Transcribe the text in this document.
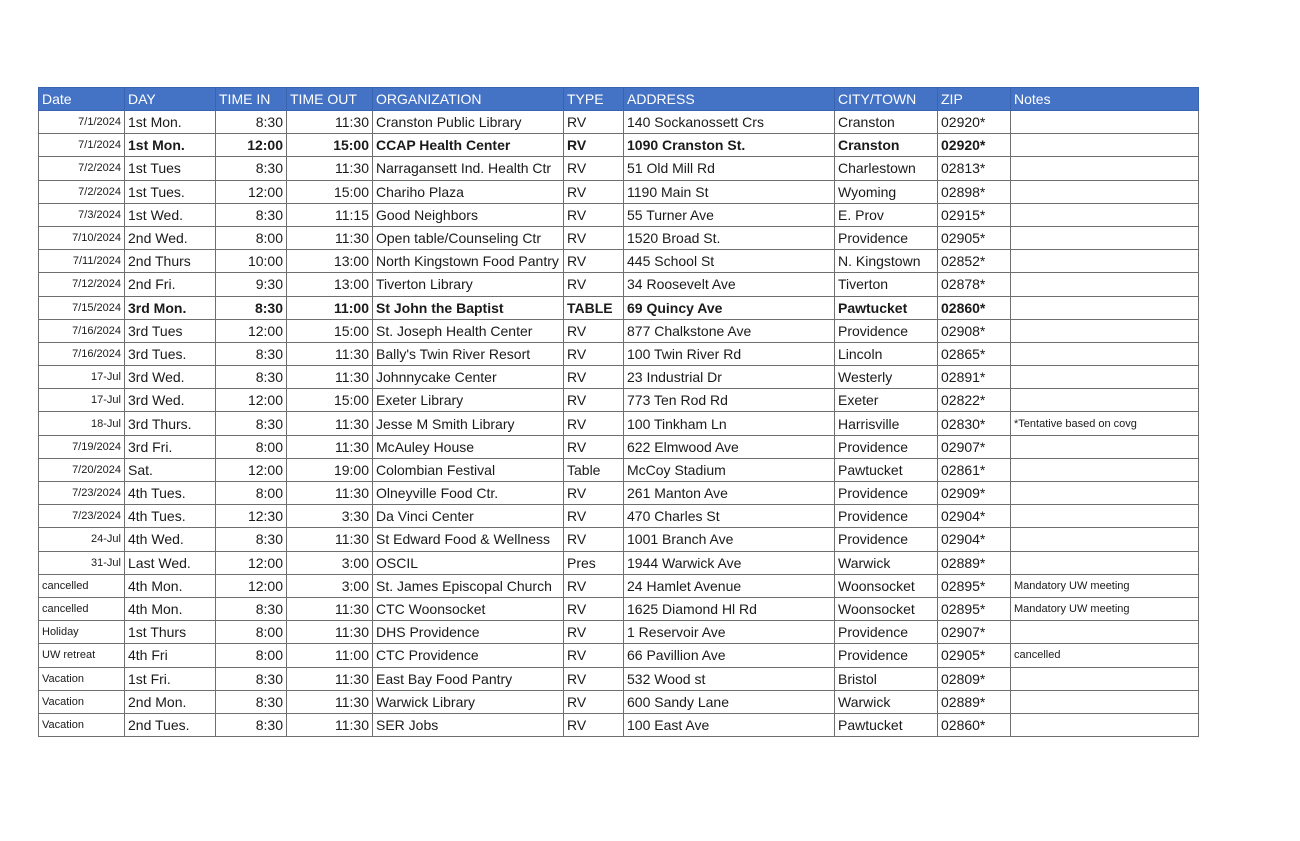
Date	DAY	TIME IN	TIME OUT	ORGANIZATION	TYPE	ADDRESS	CITY/TOWN	ZIP	Notes
7/1/2024	1st Mon.	8:30	11:30	Cranston Public Library	RV	140 Sockanossett Crs	Cranston	02920*	
7/1/2024	1st Mon.	12:00	15:00	CCAP Health Center	RV	1090 Cranston St.	Cranston	02920*	
7/2/2024	1st Tues	8:30	11:30	Narragansett Ind. Health Ctr	RV	51 Old Mill Rd	Charlestown	02813*	
7/2/2024	1st Tues.	12:00	15:00	Chariho Plaza	RV	1190 Main St	Wyoming	02898*	
7/3/2024	1st Wed.	8:30	11:15	Good Neighbors	RV	55 Turner Ave	E. Prov	02915*	
7/10/2024	2nd Wed.	8:00	11:30	Open table/Counseling Ctr	RV	1520 Broad St.	Providence	02905*	
7/11/2024	2nd Thurs	10:00	13:00	North Kingstown Food Pantry	RV	445 School St	N. Kingstown	02852*	
7/12/2024	2nd Fri.	9:30	13:00	Tiverton Library	RV	34 Roosevelt Ave	Tiverton	02878*	
7/15/2024	3rd Mon.	8:30	11:00	St John the Baptist	TABLE	69 Quincy Ave	Pawtucket	02860*	
7/16/2024	3rd Tues	12:00	15:00	St. Joseph Health Center	RV	877 Chalkstone Ave	Providence	02908*	
7/16/2024	3rd Tues.	8:30	11:30	Bally's Twin River Resort	RV	100 Twin River Rd	Lincoln	02865*	
17-Jul	3rd Wed.	8:30	11:30	Johnnycake Center	RV	23 Industrial Dr	Westerly	02891*	
17-Jul	3rd Wed.	12:00	15:00	Exeter Library	RV	773 Ten Rod Rd	Exeter	02822*	
18-Jul	3rd Thurs.	8:30	11:30	Jesse M Smith Library	RV	100 Tinkham Ln	Harrisville	02830*	*Tentative based on covg
7/19/2024	3rd Fri.	8:00	11:30	McAuley House	RV	622 Elmwood Ave	Providence	02907*	
7/20/2024	Sat.	12:00	19:00	Colombian Festival	Table	McCoy Stadium	Pawtucket	02861*	
7/23/2024	4th Tues.	8:00	11:30	Olneyville Food Ctr.	RV	261 Manton Ave	Providence	02909*	
7/23/2024	4th Tues.	12:30	3:30	Da Vinci Center	RV	470 Charles St	Providence	02904*	
24-Jul	4th Wed.	8:30	11:30	St Edward Food & Wellness	RV	1001 Branch Ave	Providence	02904*	
31-Jul	Last Wed.	12:00	3:00	OSCIL	Pres	1944 Warwick Ave	Warwick	02889*	
cancelled	4th Mon.	12:00	3:00	St. James Episcopal Church	RV	24 Hamlet Avenue	Woonsocket	02895*	Mandatory UW meeting
cancelled	4th Mon.	8:30	11:30	CTC Woonsocket	RV	1625 Diamond Hl Rd	Woonsocket	02895*	Mandatory UW meeting
Holiday	1st Thurs	8:00	11:30	DHS Providence	RV	1 Reservoir Ave	Providence	02907*	
UW retreat	4th Fri	8:00	11:00	CTC Providence	RV	66 Pavillion Ave	Providence	02905*	cancelled
Vacation	1st Fri.	8:30	11:30	East Bay Food Pantry	RV	532 Wood st	Bristol	02809*	
Vacation	2nd Mon.	8:30	11:30	Warwick Library	RV	600 Sandy Lane	Warwick	02889*	
Vacation	2nd Tues.	8:30	11:30	SER Jobs	RV	100 East Ave	Pawtucket	02860*	
